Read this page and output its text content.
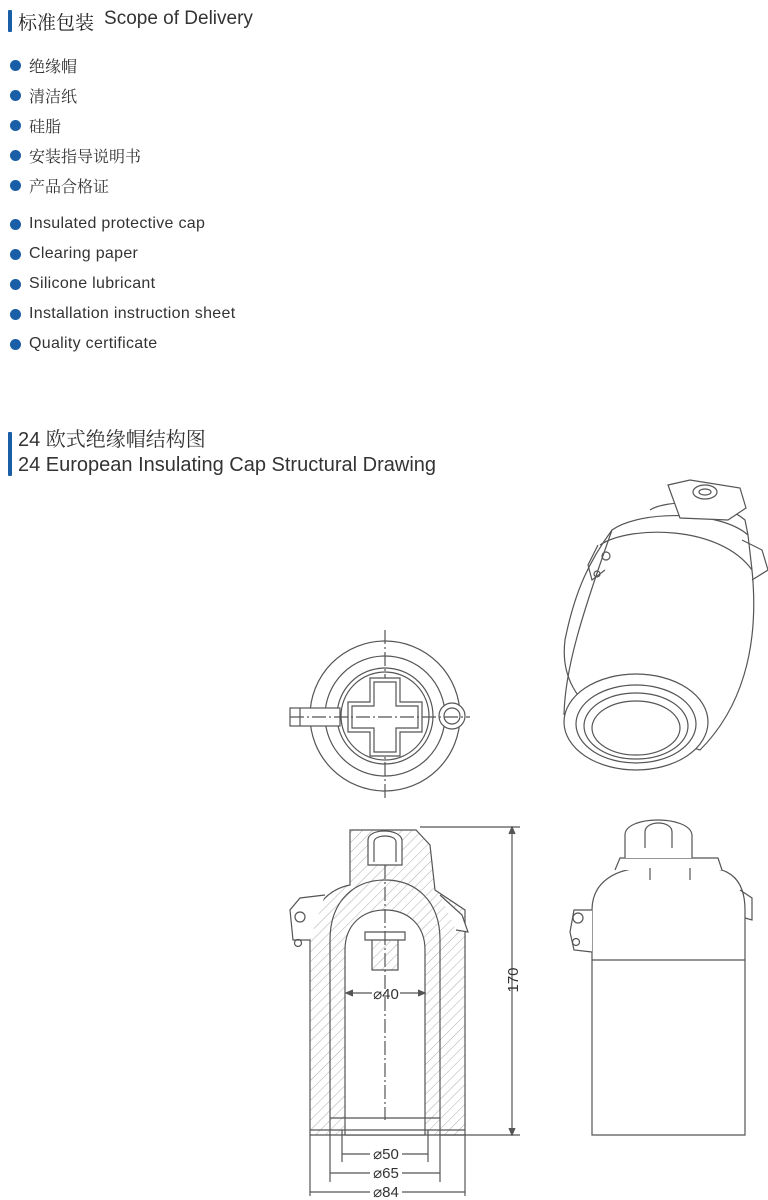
标准包装 Scope of Delivery
绝缘帽
清洁纸
硅脂
安装指导说明书
产品合格证
Insulated protective cap
Clearing paper
Silicone lubricant
Installation instruction sheet
Quality certificate
24 欧式绝缘帽结构图
24 European Insulating Cap Structural Drawing
⌀40
⌀50
⌀65
⌀84
170
